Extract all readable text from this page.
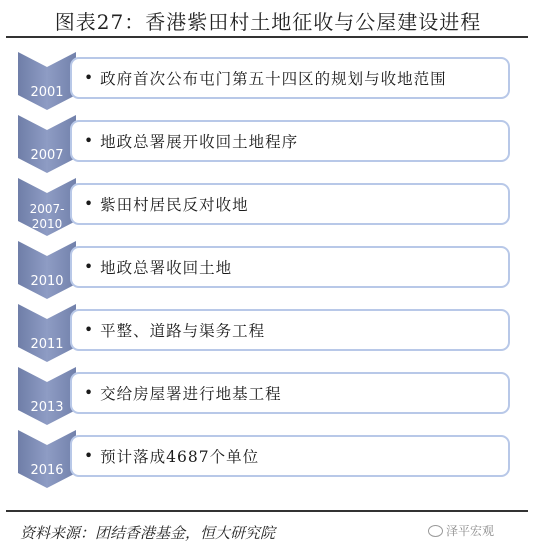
图表27：香港紫田村土地征收与公屋建设进程
2001
• 政府首次公布屯门第五十四区的规划与收地范围
2007
• 地政总署展开收回土地程序
2007-
2010
• 紫田村居民反对收地
2010
• 地政总署收回土地
2011
• 平整、道路与渠务工程
2013
• 交给房屋署进行地基工程
2016
• 预计落成4687个单位
资料来源：团结香港基金，恒大研究院	泽平宏观
